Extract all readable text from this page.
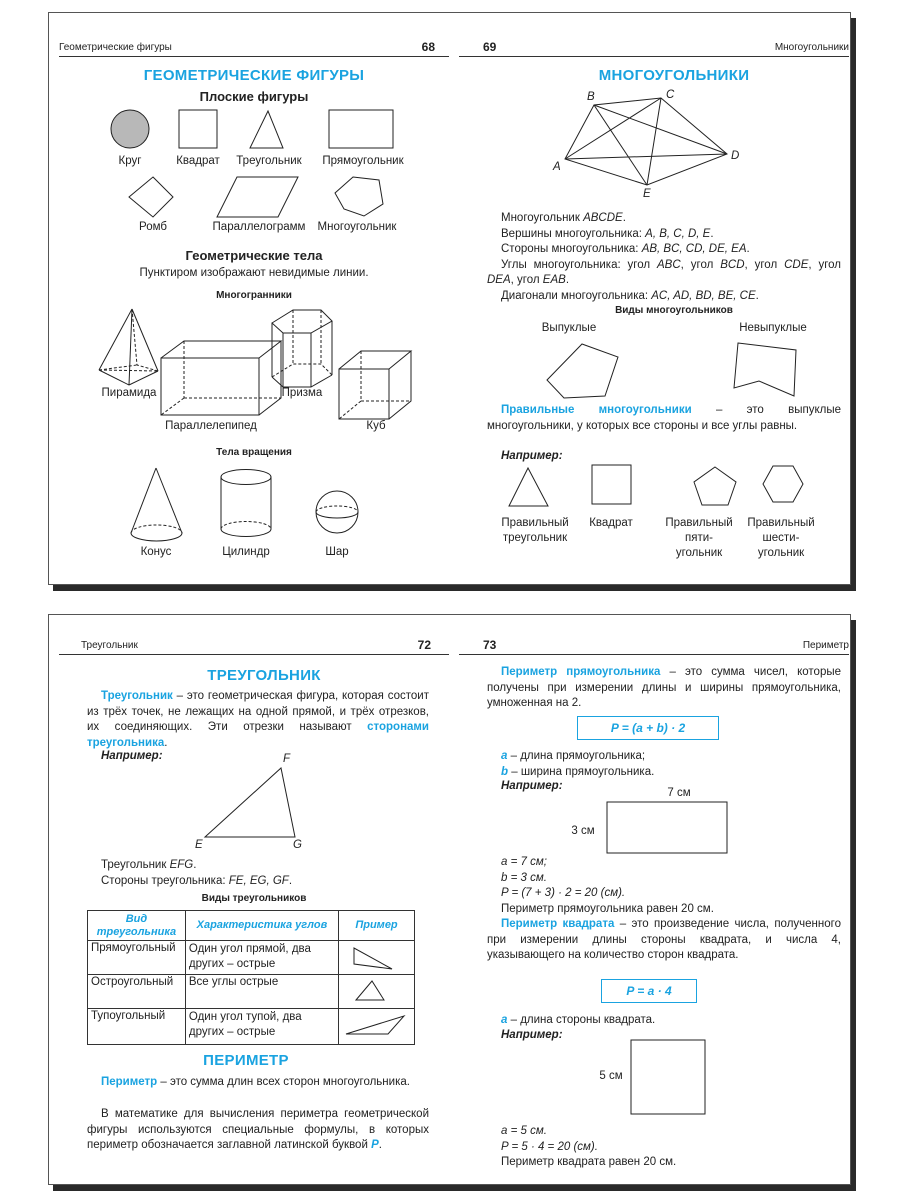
Геометрические фигуры	68
ГЕОМЕТРИЧЕСКИЕ ФИГУРЫ
Плоские фигуры
Круг	Квадрат	Треугольник	Прямоугольник
Ромб	Параллелограмм	Многоугольник
Геометрические тела
Пунктиром изображают невидимые линии.
Многогранники
Пирамида	Призма
Параллелепипед	Куб
Тела вращения
Конус	Цилиндр	Шар
69	Многоугольники
МНОГОУГОЛЬНИКИ
A
B	C
D
E
Многоугольник ABCDE.
Вершины многоугольника: A, B, C, D, E.
Стороны многоугольника: AB, BC, CD, DE, EA.
Углы многоугольника: угол ABC, угол BCD, угол CDE, угол DEA, угол EAB.
Диагонали многоугольника: AC, AD, BD, BE, CE.
Виды многоугольников
Выпуклые	Невыпуклые
Правильные многоугольники – это выпуклые многоугольники, у которых все стороны и все углы равны.
Например:
Правильный
треугольник
Квадрат	Правильный
пяти-
угольник
Правильный
шести-
угольник
Треугольник	72
ТРЕУГОЛЬНИК
Треугольник – это геометрическая фигура, которая состоит из трёх точек, не лежащих на одной прямой, и трёх отрезков, их соединяющих. Эти отрезки называют сторонами треугольника.
Например:	F
E	G
Треугольник EFG.
Стороны треугольника: FE, EG, GF.
Виды треугольников
Вид треугольника	Характеристика углов	Пример
Прямоугольный	Один угол прямой, два других – острые	

Остроугольный	Все углы острые	

Тупоугольный	Один угол тупой, два других – острые	
ПЕРИМЕТР
Периметр – это сумма длин всех сторон многоугольника.
В математике для вычисления периметра геометрической фигуры используются специальные формулы, в которых периметр обозначается заглавной латинской буквой P.
73	Периметр
Периметр прямоугольника – это сумма чисел, которые получены при измерении длины и ширины прямоугольника, умноженная на 2.
P = (a + b) · 2
a – длина прямоугольника;
b – ширина прямоугольника.
Например:
7 см
3 см
a = 7 см;
b = 3 см.
P = (7 + 3) · 2 = 20 (см).
Периметр прямоугольника равен 20 см.
Периметр квадрата – это произведение числа, полученного при измерении длины стороны квадрата, и числа 4, указывающего на количество сторон квадрата.
P = a · 4
a – длина стороны квадрата.
Например:
5 см
a = 5 см.
P = 5 · 4 = 20 (см).
Периметр квадрата равен 20 см.
